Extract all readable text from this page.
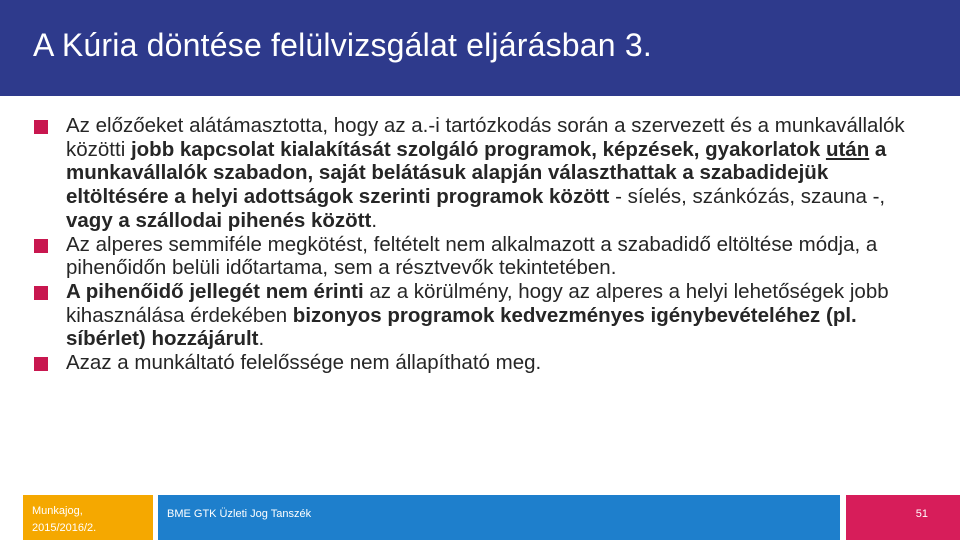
A Kúria döntése felülvizsgálat eljárásban 3.

Az előzőeket alátámasztotta, hogy az a.-i tartózkodás során a szervezett és a munkavállalók közötti jobb kapcsolat kialakítását szolgáló programok, képzések, gyakorlatok után a munkavállalók szabadon, saját belátásuk alapján választhattak a szabadidejük eltöltésére a helyi adottságok szerinti programok között - síelés, szánkózás, szauna -, vagy a szállodai pihenés között.

Az alperes semmiféle megkötést, feltételt nem alkalmazott a szabadidő eltöltése módja, a pihenőidőn belüli időtartama, sem a résztvevők tekintetében.

A pihenőidő jellegét nem érinti az a körülmény, hogy az alperes a helyi lehetőségek jobb kihasználása érdekében bizonyos programok kedvezményes igénybevételéhez (pl. síbérlet) hozzájárult.

Azaz a munkáltató felelőssége nem állapítható meg.

Munkajog,
2015/2016/2.
BME GTK Üzleti Jog Tanszék	51
